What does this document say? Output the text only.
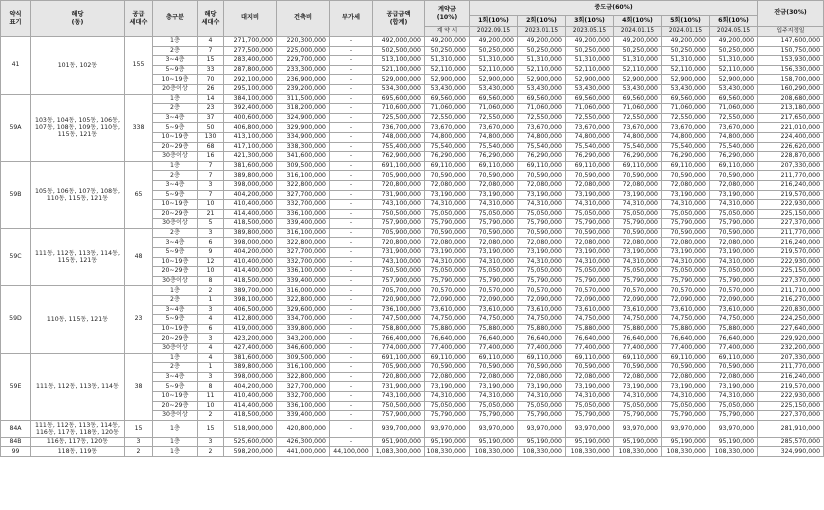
약식
표기	해당
(동)	공급
세대수	층구분	해당
세대수	대지비	건축비	부가세	공급금액
(합계)	계약금
(10%)	중도금(60%)						잔금(30%)
										1회(10%)	2회(10%)	3회(10%)	4회(10%)	5회(10%)	6회(10%)	
									계 약 시	2022.09.15	2023.01.15	2023.05.15	2024.01.15	2024.01.15	2024.05.15	입주지정일
41	101동, 102동	155	1층	4	271,700,000	220,300,000	-	492,000,000	49,200,000	49,200,000	49,200,000	49,200,000	49,200,000	49,200,000	49,200,000	147,600,000
			2층	7	277,500,000	225,000,000	-	502,500,000	50,250,000	50,250,000	50,250,000	50,250,000	50,250,000	50,250,000	50,250,000	150,750,000
			3~4층	15	283,400,000	229,700,000	-	513,100,000	51,310,000	51,310,000	51,310,000	51,310,000	51,310,000	51,310,000	51,310,000	153,930,000
			5~9층	33	287,800,000	233,300,000	-	521,100,000	52,110,000	52,110,000	52,110,000	52,110,000	52,110,000	52,110,000	52,110,000	156,330,000
			10~19층	70	292,100,000	236,900,000	-	529,000,000	52,900,000	52,900,000	52,900,000	52,900,000	52,900,000	52,900,000	52,900,000	158,700,000
			20층이상	26	295,100,000	239,200,000	-	534,300,000	53,430,000	53,430,000	53,430,000	53,430,000	53,430,000	53,430,000	53,430,000	160,290,000
59A	103동, 104동, 105동, 106동, 107동, 108동, 109동, 110동, 115동, 121동	338	1층	14	384,100,000	311,500,000	-	695,600,000	69,560,000	69,560,000	69,560,000	69,560,000	69,560,000	69,560,000	69,560,000	208,680,000
			2층	23	392,400,000	318,200,000	-	710,600,000	71,060,000	71,060,000	71,060,000	71,060,000	71,060,000	71,060,000	71,060,000	213,180,000
			3~4층	37	400,600,000	324,900,000	-	725,500,000	72,550,000	72,550,000	72,550,000	72,550,000	72,550,000	72,550,000	72,550,000	217,650,000
			5~9층	50	406,800,000	329,900,000	-	736,700,000	73,670,000	73,670,000	73,670,000	73,670,000	73,670,000	73,670,000	73,670,000	221,010,000
			10~19층	130	413,100,000	334,900,000	-	748,000,000	74,800,000	74,800,000	74,800,000	74,800,000	74,800,000	74,800,000	74,800,000	224,400,000
			20~29층	68	417,100,000	338,300,000	-	755,400,000	75,540,000	75,540,000	75,540,000	75,540,000	75,540,000	75,540,000	75,540,000	226,620,000
			30층이상	16	421,300,000	341,600,000	-	762,900,000	76,290,000	76,290,000	76,290,000	76,290,000	76,290,000	76,290,000	76,290,000	228,870,000
59B	105동, 106동, 107동, 108동, 110동, 115동, 121동	65	1층	7	381,600,000	309,500,000	-	691,100,000	69,110,000	69,110,000	69,110,000	69,110,000	69,110,000	69,110,000	69,110,000	207,330,000
			2층	7	389,800,000	316,100,000	-	705,900,000	70,590,000	70,590,000	70,590,000	70,590,000	70,590,000	70,590,000	70,590,000	211,770,000
			3~4층	3	398,000,000	322,800,000	-	720,800,000	72,080,000	72,080,000	72,080,000	72,080,000	72,080,000	72,080,000	72,080,000	216,240,000
			5~9층	7	404,200,000	327,700,000	-	731,900,000	73,190,000	73,190,000	73,190,000	73,190,000	73,190,000	73,190,000	73,190,000	219,570,000
			10~19층	10	410,400,000	332,700,000	-	743,100,000	74,310,000	74,310,000	74,310,000	74,310,000	74,310,000	74,310,000	74,310,000	222,930,000
			20~29층	21	414,400,000	336,100,000	-	750,500,000	75,050,000	75,050,000	75,050,000	75,050,000	75,050,000	75,050,000	75,050,000	225,150,000
			30층이상	5	418,500,000	339,400,000	-	757,900,000	75,790,000	75,790,000	75,790,000	75,790,000	75,790,000	75,790,000	75,790,000	227,370,000
59C	111동, 112동, 113동, 114동, 115동, 121동	48	2층	3	389,800,000	316,100,000	-	705,900,000	70,590,000	70,590,000	70,590,000	70,590,000	70,590,000	70,590,000	70,590,000	211,770,000
			3~4층	6	398,000,000	322,800,000	-	720,800,000	72,080,000	72,080,000	72,080,000	72,080,000	72,080,000	72,080,000	72,080,000	216,240,000
			5~9층	9	404,200,000	327,700,000	-	731,900,000	73,190,000	73,190,000	73,190,000	73,190,000	73,190,000	73,190,000	73,190,000	219,570,000
			10~19층	12	410,400,000	332,700,000	-	743,100,000	74,310,000	74,310,000	74,310,000	74,310,000	74,310,000	74,310,000	74,310,000	222,930,000
			20~29층	10	414,400,000	336,100,000	-	750,500,000	75,050,000	75,050,000	75,050,000	75,050,000	75,050,000	75,050,000	75,050,000	225,150,000
			30층이상	8	418,500,000	339,400,000	-	757,900,000	75,790,000	75,790,000	75,790,000	75,790,000	75,790,000	75,790,000	75,790,000	227,370,000
59D	110동, 115동, 121동	23	1층	2	389,700,000	316,000,000	-	705,700,000	70,570,000	70,570,000	70,570,000	70,570,000	70,570,000	70,570,000	70,570,000	211,710,000
			2층	1	398,100,000	322,800,000	-	720,900,000	72,090,000	72,090,000	72,090,000	72,090,000	72,090,000	72,090,000	72,090,000	216,270,000
			3~4층	3	406,500,000	329,600,000	-	736,100,000	73,610,000	73,610,000	73,610,000	73,610,000	73,610,000	73,610,000	73,610,000	220,830,000
			5~9층	4	412,800,000	334,700,000	-	747,500,000	74,750,000	74,750,000	74,750,000	74,750,000	74,750,000	74,750,000	74,750,000	224,250,000
			10~19층	6	419,000,000	339,800,000	-	758,800,000	75,880,000	75,880,000	75,880,000	75,880,000	75,880,000	75,880,000	75,880,000	227,640,000
			20~29층	3	423,200,000	343,200,000	-	766,400,000	76,640,000	76,640,000	76,640,000	76,640,000	76,640,000	76,640,000	76,640,000	229,920,000
			30층이상	4	427,400,000	346,600,000	-	774,000,000	77,400,000	77,400,000	77,400,000	77,400,000	77,400,000	77,400,000	77,400,000	232,200,000
59E	111동, 112동, 113동, 114동	38	1층	4	381,600,000	309,500,000	-	691,100,000	69,110,000	69,110,000	69,110,000	69,110,000	69,110,000	69,110,000	69,110,000	207,330,000
			2층	1	389,800,000	316,100,000	-	705,900,000	70,590,000	70,590,000	70,590,000	70,590,000	70,590,000	70,590,000	70,590,000	211,770,000
			3~4층	3	398,000,000	322,800,000	-	720,800,000	72,080,000	72,080,000	72,080,000	72,080,000	72,080,000	72,080,000	72,080,000	216,240,000
			5~9층	8	404,200,000	327,700,000	-	731,900,000	73,190,000	73,190,000	73,190,000	73,190,000	73,190,000	73,190,000	73,190,000	219,570,000
			10~19층	11	410,400,000	332,700,000	-	743,100,000	74,310,000	74,310,000	74,310,000	74,310,000	74,310,000	74,310,000	74,310,000	222,930,000
			20~29층	10	414,400,000	336,100,000	-	750,500,000	75,050,000	75,050,000	75,050,000	75,050,000	75,050,000	75,050,000	75,050,000	225,150,000
			30층이상	2	418,500,000	339,400,000	-	757,900,000	75,790,000	75,790,000	75,790,000	75,790,000	75,790,000	75,790,000	75,790,000	227,370,000
84A	111동, 112동, 113동, 114동, 116동, 117동, 118동, 120동	15	1층	15	518,900,000	420,800,000	-	939,700,000	93,970,000	93,970,000	93,970,000	93,970,000	93,970,000	93,970,000	93,970,000	281,910,000
84B	116동, 117동, 120동	3	1층	3	525,600,000	426,300,000	-	951,900,000	95,190,000	95,190,000	95,190,000	95,190,000	95,190,000	95,190,000	95,190,000	285,570,000
99	118동, 119동	2	1층	2	598,200,000	441,000,000	44,100,000	1,083,300,000	108,330,000	108,330,000	108,330,000	108,330,000	108,330,000	108,330,000	108,330,000	324,990,000
